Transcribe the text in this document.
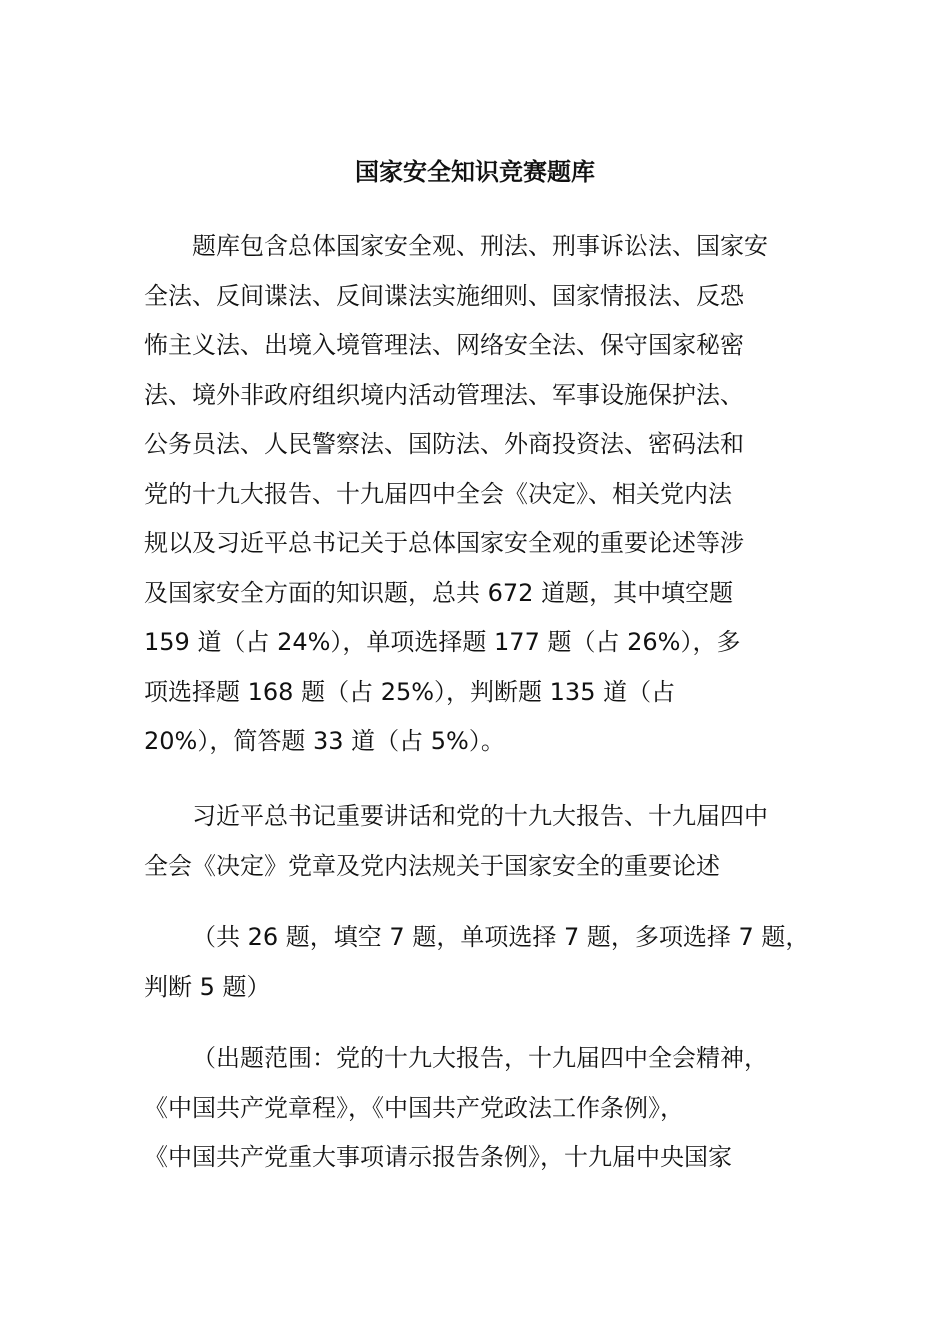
国家安全知识竞赛题库
题库包含总体国家安全观、刑法、刑事诉讼法、国家安
全法、反间谍法、反间谍法实施细则、国家情报法、反恐
怖主义法、出境入境管理法、网络安全法、保守国家秘密
法、境外非政府组织境内活动管理法、军事设施保护法、
公务员法、人民警察法、国防法、外商投资法、密码法和
党的十九大报告、十九届四中全会《决定》、相关党内法
规以及习近平总书记关于总体国家安全观的重要论述等涉
及国家安全方面的知识题，总共 672 道题，其中填空题
159 道（占 24%），单项选择题 177 题（占 26%），多
项选择题 168 题（占 25%），判断题 135 道（占
20%），简答题 33 道（占 5%）。
习近平总书记重要讲话和党的十九大报告、十九届四中
全会《决定》党章及党内法规关于国家安全的重要论述
（共 26 题，填空 7 题，单项选择 7 题，多项选择 7 题，
判断 5 题）
（出题范围：党的十九大报告，十九届四中全会精神，
《中国共产党章程》，《中国共产党政法工作条例》，
《中国共产党重大事项请示报告条例》，十九届中央国家
